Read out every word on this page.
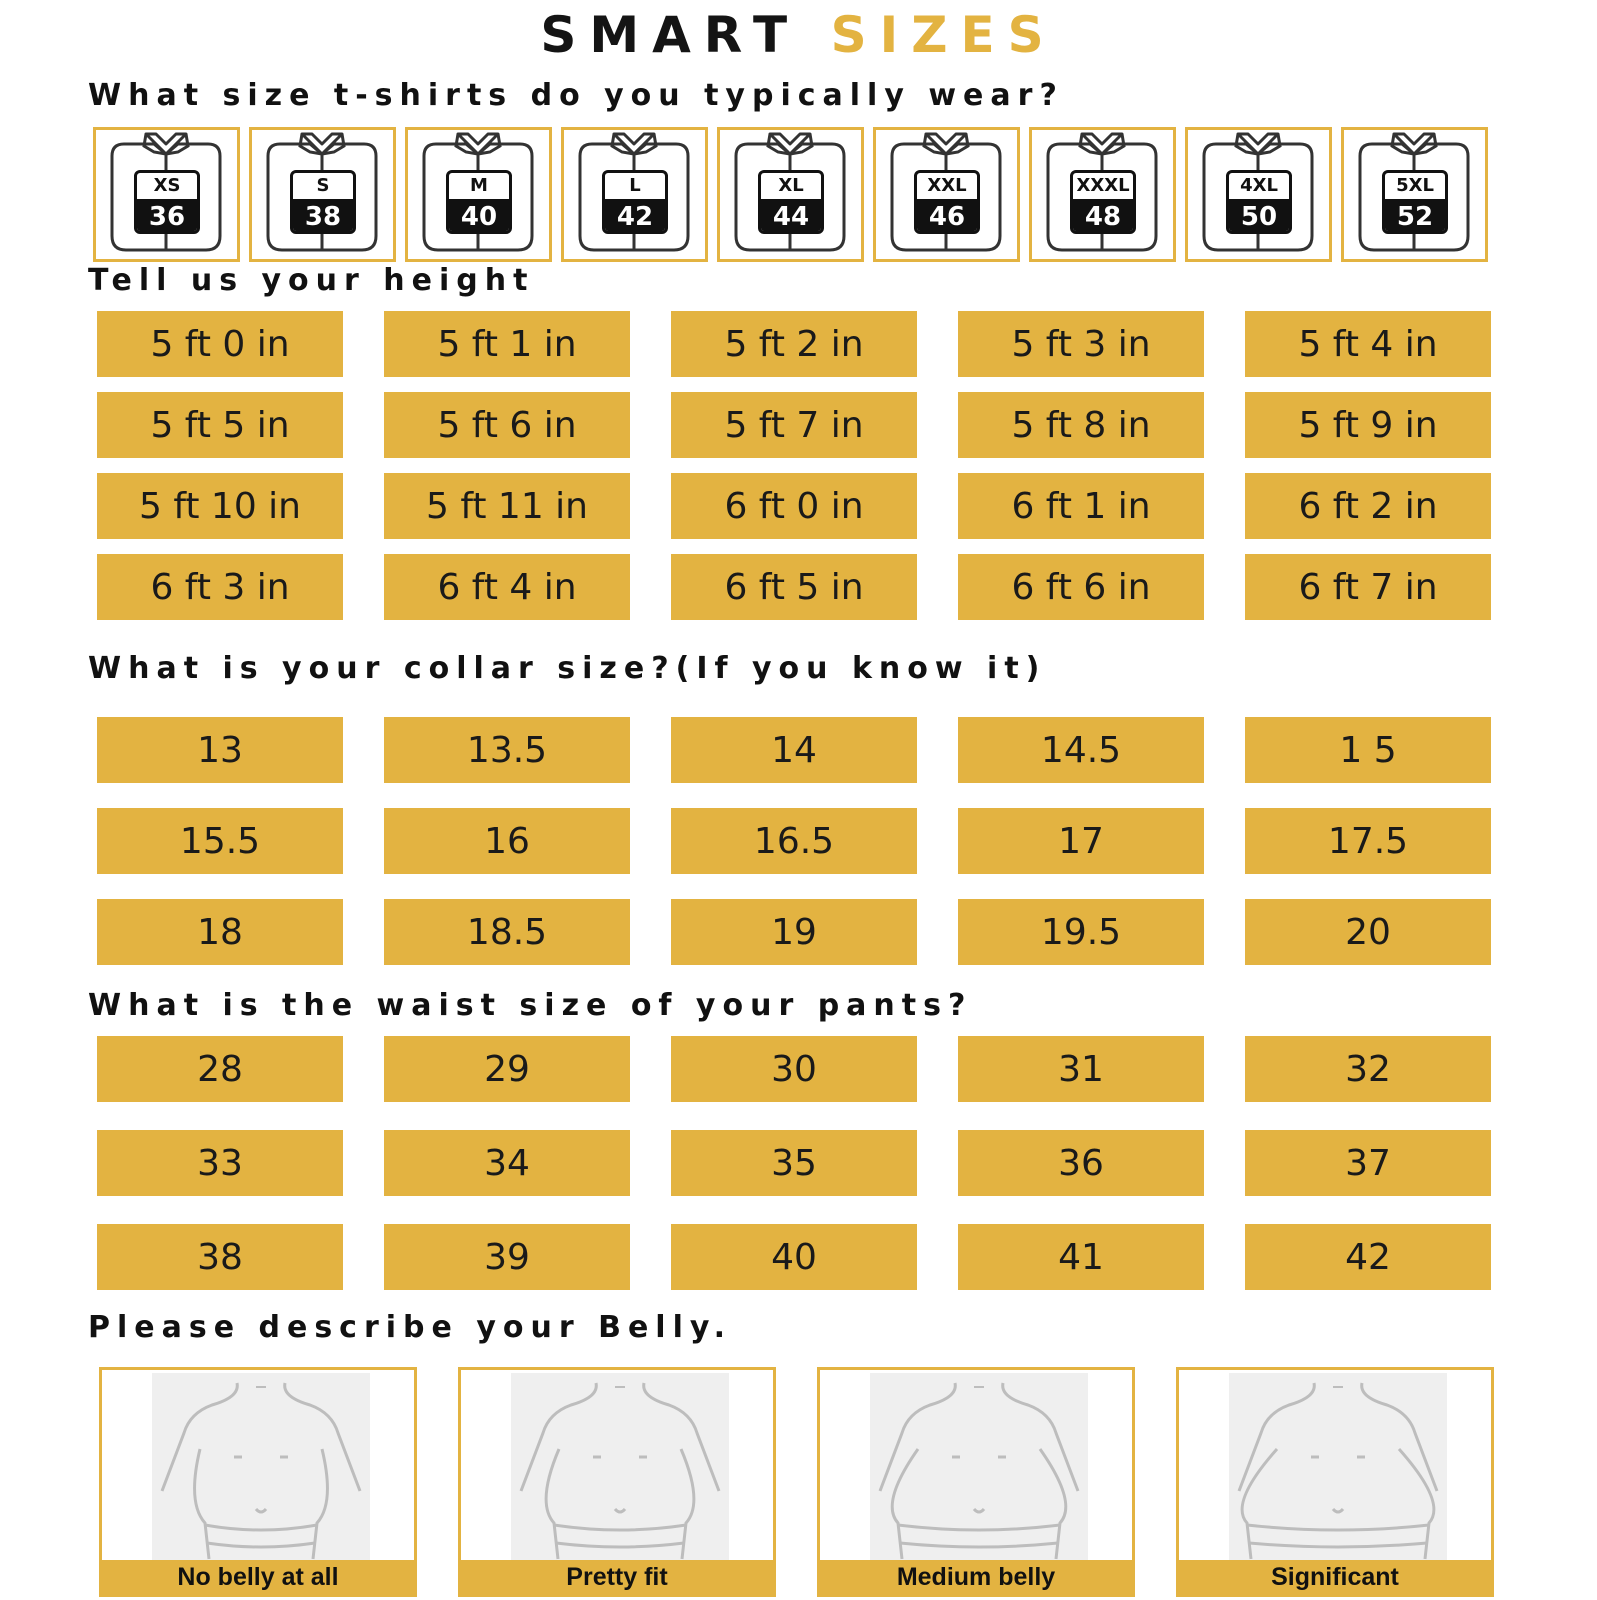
SMART SIZES
What size t-shirts do you typically wear?
XS
36
S
38
M
40
L
42
XL
44
XXL
46
XXXL
48
4XL
50
5XL
52
Tell us your height
5 ft 0 in	5 ft 1 in	5 ft 2 in	5 ft 3 in	5 ft 4 in
5 ft 5 in	5 ft 6 in	5 ft 7 in	5 ft 8 in	5 ft 9 in
5 ft 10 in	5 ft 11 in	6 ft 0 in	6 ft 1 in	6 ft 2 in
6 ft 3 in	6 ft 4 in	6 ft 5 in	6 ft 6 in	6 ft 7 in
What is your collar size?(If you know it)
13	13.5	14	14.5	1 5
15.5	16	16.5	17	17.5
18	18.5	19	19.5	20
What is the waist size of your pants?
28	29	30	31	32
33	34	35	36	37
38	39	40	41	42
Please describe your Belly.
No belly at all	Pretty fit	Medium belly	Significant
